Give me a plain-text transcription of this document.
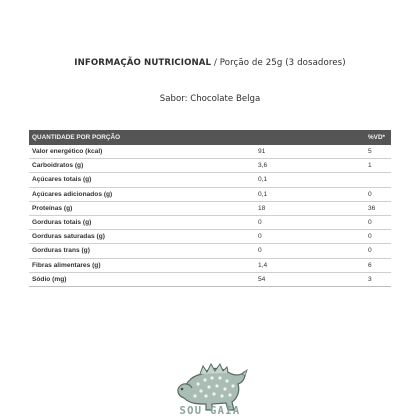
INFORMAÇÃO NUTRICIONAL / Porção de 25g (3 dosadores)
Sabor: Chocolate Belga
QUANTIDADE POR PORÇÃO		%VD*
Valor energético (kcal)	91	5
Carboidratos (g)	3,6	1
Açúcares totais (g)	0,1	
Açúcares adicionados (g)	0,1	0
Proteínas (g)	18	36
Gorduras totais (g)	0	0
Gorduras saturadas (g)	0	0
Gorduras trans (g)	0	0
Fibras alimentares (g)	1,4	6
Sódio (mg)	54	3
SOU GAIA
